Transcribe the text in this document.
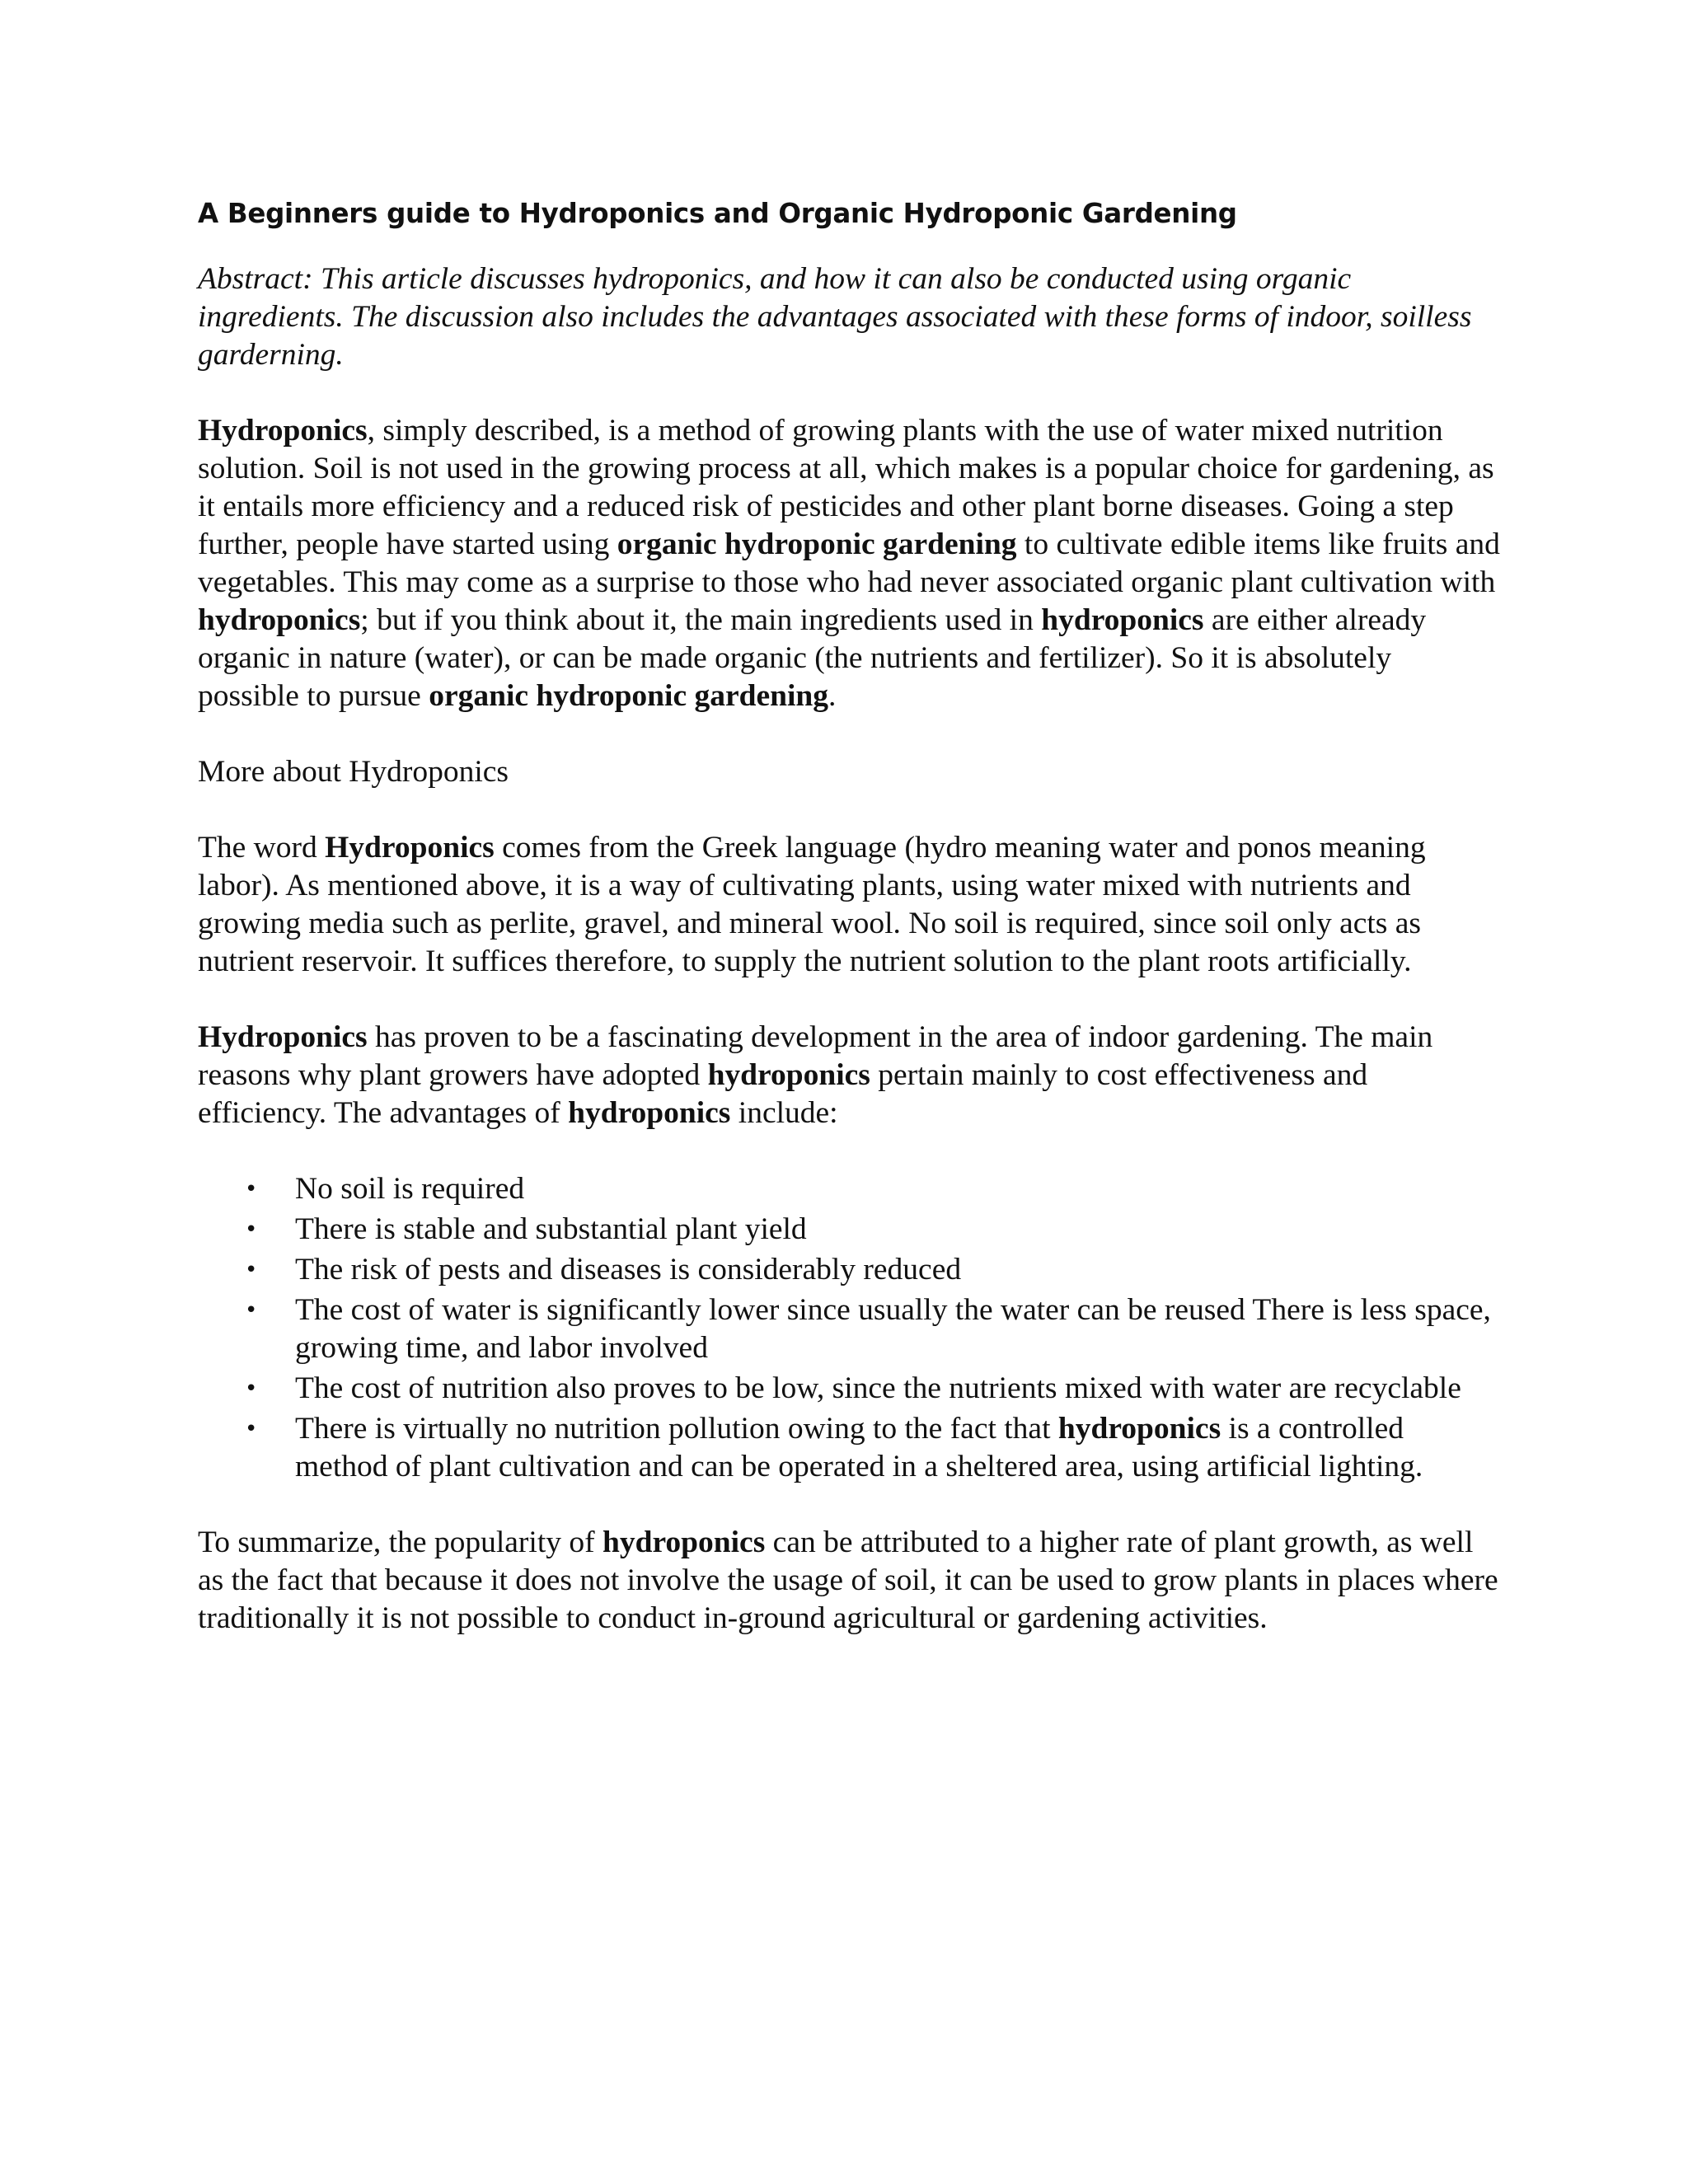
A Beginners guide to Hydroponics and Organic Hydroponic Gardening

Abstract: This article discusses hydroponics, and how it can also be conducted using organic ingredients. The discussion also includes the advantages associated with these forms of indoor, soilless garderning.

Hydroponics, simply described, is a method of growing plants with the use of water mixed nutrition solution. Soil is not used in the growing process at all, which makes is a popular choice for gardening, as it entails more efficiency and a reduced risk of pesticides and other plant borne diseases. Going a step further, people have started using organic hydroponic gardening to cultivate edible items like fruits and vegetables. This may come as a surprise to those who had never associated organic plant cultivation with hydroponics; but if you think about it, the main ingredients used in hydroponics are either already organic in nature (water), or can be made organic (the nutrients and fertilizer). So it is absolutely possible to pursue organic hydroponic gardening.

More about Hydroponics

The word Hydroponics comes from the Greek language (hydro meaning water and ponos meaning labor). As mentioned above, it is a way of cultivating plants, using water mixed with nutrients and growing media such as perlite, gravel, and mineral wool. No soil is required, since soil only acts as nutrient reservoir. It suffices therefore, to supply the nutrient solution to the plant roots artificially.

Hydroponics has proven to be a fascinating development in the area of indoor gardening. The main reasons why plant growers have adopted hydroponics pertain mainly to cost effectiveness and efficiency. The advantages of hydroponics include:

• No soil is required
• There is stable and substantial plant yield
• The risk of pests and diseases is considerably reduced
• The cost of water is significantly lower since usually the water can be reused There is less space, growing time, and labor involved
• The cost of nutrition also proves to be low, since the nutrients mixed with water are recyclable
• There is virtually no nutrition pollution owing to the fact that hydroponics is a controlled method of plant cultivation and can be operated in a sheltered area, using artificial lighting.

To summarize, the popularity of hydroponics can be attributed to a higher rate of plant growth, as well as the fact that because it does not involve the usage of soil, it can be used to grow plants in places where traditionally it is not possible to conduct in-ground agricultural or gardening activities.
